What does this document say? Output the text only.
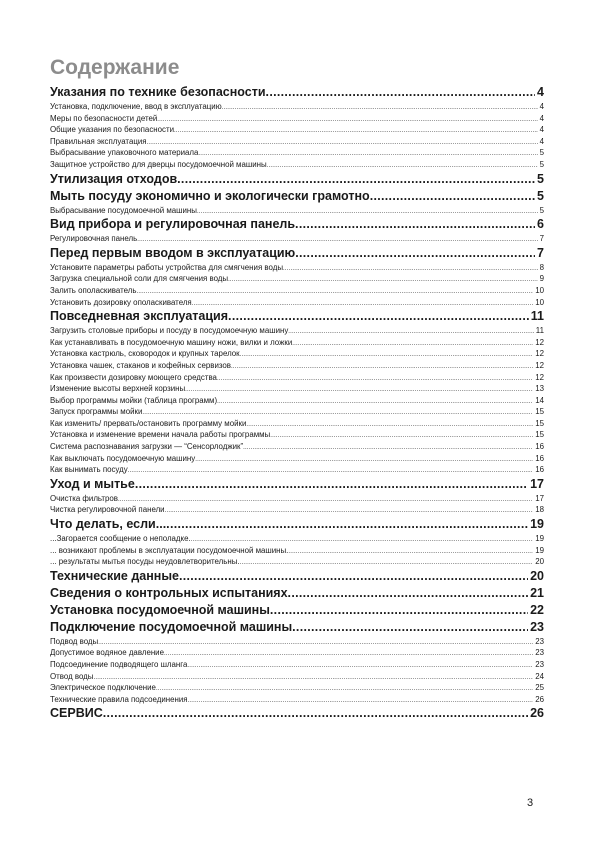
Содержание
Указания по технике безопасности .....	4
Установка, подключение, ввод в эксплуатацию .....	4
Меры по безопасности детей .....	4
Общие указания по безопасности .....	4
Правильная эксплуатация .....	4
Выбрасывание упаковочного материала .....	5
Защитное устройство для дверцы посудомоечной машины .....	5
Утилизация отходов .....	5
Мыть посуду экономично и экологически грамотно .....	5
Выбрасывание посудомоечной машины .....	5
Вид прибора и регулировочная панель .....	6
Регулировочная панель .....	7
Перед первым вводом в эксплуатацию .....	7
Установите параметры работы устройства для смягчения воды .....	8
Загрузка специальной соли для смягчения воды .....	9
Залить ополаскиватель .....	10
Установить дозировку ополаскивателя .....	10
Повседневная эксплуатация .....	11
Загрузить столовые приборы и посуду в посудомоечную машину .....	11
Как устанавливать в посудомоечную машину ножи, вилки и ложки .....	12
Установка кастрюль, сковородок и крупных тарелок .....	12
Установка чашек, стаканов и кофейных сервизов .....	12
Как произвести дозировку моющего средства .....	12
Изменение высоты верхней корзины .....	13
Выбор программы мойки (таблица программ) .....	14
Запуск программы мойки .....	15
Как изменить/ прервать/остановить программу мойки .....	15
Установка и изменение времени начала работы программы .....	15
Система распознавания загрузки — “Сенсорлоджик” .....	16
Как выключать посудомоечную машину .....	16
Как вынимать посуду .....	16
Уход и мытье .....	17
Очистка фильтров .....	17
Чистка регулировочной панели .....	18
Что делать, если... .....	19
...Загорается сообщение о неполадке. .....	19
... возникают проблемы в эксплуатации посудомоечной машины. .....	19
... результаты мытья посуды неудовлетворительны. .....	20
Технические данные .....	20
Сведения о контрольных испытаниях .....	21
Установка посудомоечной машины .....	22
Подключение посудомоечной машины .....	23
Подвод воды .....	23
Допустимое водяное давление .....	23
Подсоединение подводящего шланга .....	23
Отвод воды .....	24
Электрическое подключение .....	25
Технические правила подсоединения .....	26
СЕРВИС .....	26
3
